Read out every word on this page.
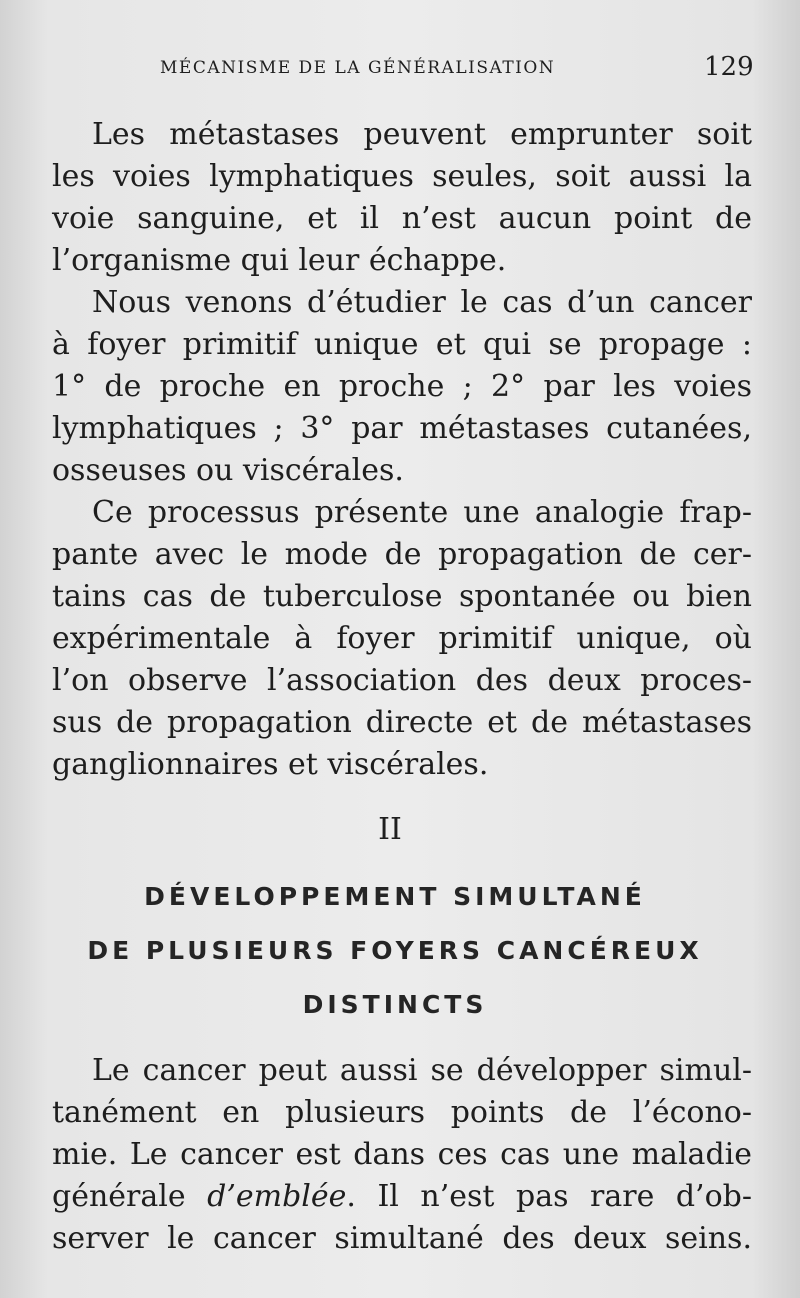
MÉCANISME DE LA GÉNÉRALISATION	129
Les métastases peuvent emprunter soit
les voies lymphatiques seules, soit aussi la
voie sanguine, et il n’est aucun point de
l’organisme qui leur échappe.
Nous venons d’étudier le cas d’un cancer
à foyer primitif unique et qui se propage :
1° de proche en proche ; 2° par les voies
lymphatiques ; 3° par métastases cutanées,
osseuses ou viscérales.
Ce processus présente une analogie frap-
pante avec le mode de propagation de cer-
tains cas de tuberculose spontanée ou bien
expérimentale à foyer primitif unique, où
l’on observe l’association des deux proces-
sus de propagation directe et de métastases
ganglionnaires et viscérales.
II
DÉVELOPPEMENT SIMULTANÉ
DE PLUSIEURS FOYERS CANCÉREUX
DISTINCTS
Le cancer peut aussi se développer simul-
tanément en plusieurs points de l’écono-
mie. Le cancer est dans ces cas une maladie
générale d’emblée. Il n’est pas rare d’ob-
server le cancer simultané des deux seins.
